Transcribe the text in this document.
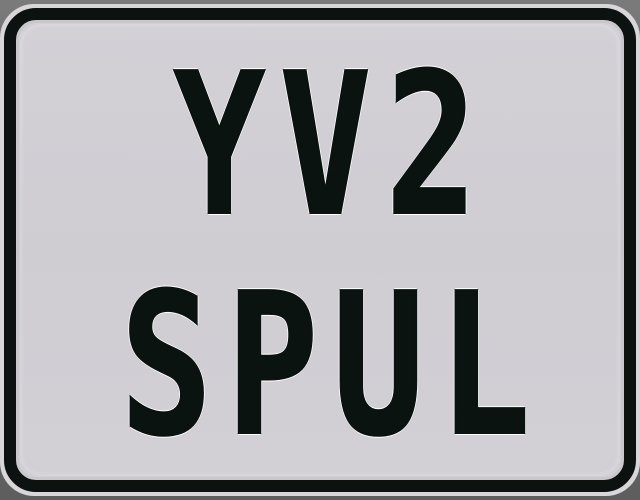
YV2
SPUL
